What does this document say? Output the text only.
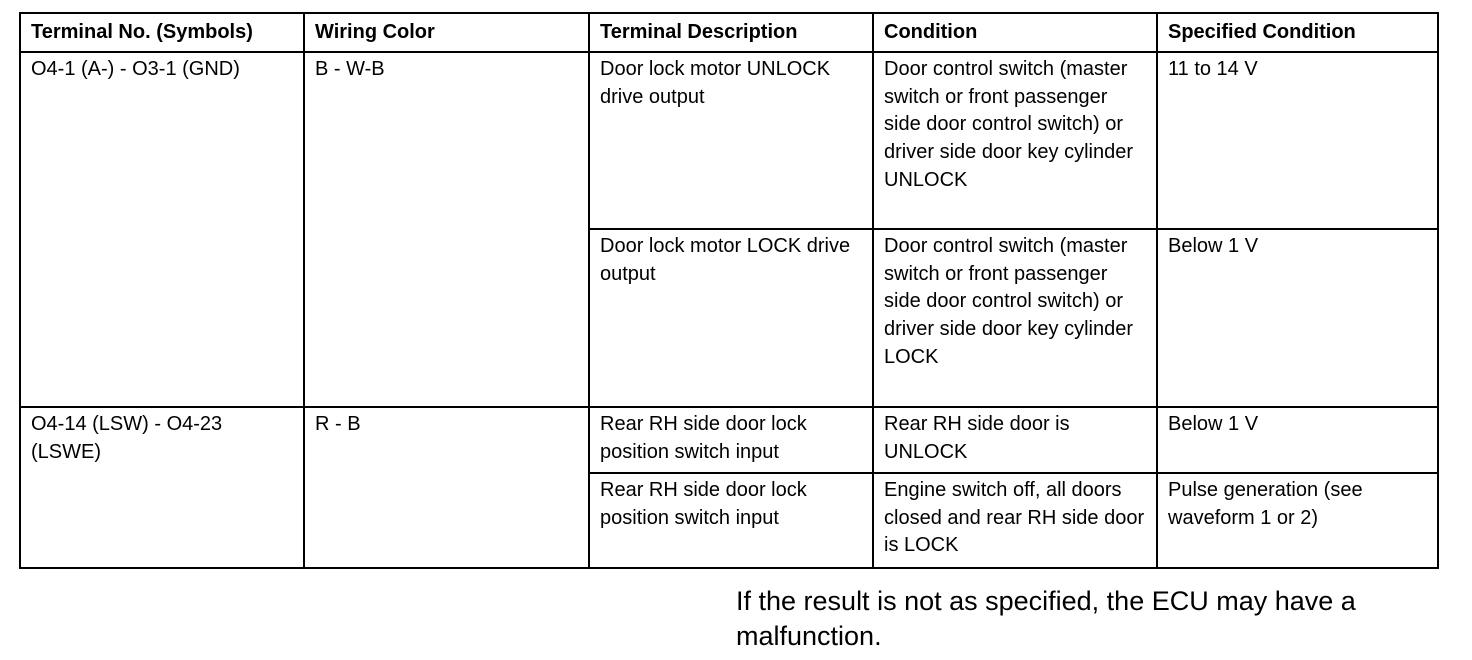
Terminal No. (Symbols)	Wiring Color	Terminal Description	Condition	Specified Condition
O4-1 (A-) - O3-1 (GND)	B - W-B	Door lock motor UNLOCK drive output	Door control switch (master switch or front passenger side door control switch) or driver side door key cylinder UNLOCK	11 to 14 V
		Door lock motor LOCK drive output	Door control switch (master switch or front passenger side door control switch) or driver side door key cylinder LOCK	Below 1 V
O4-14 (LSW) - O4-23 (LSWE)	R - B	Rear RH side door lock position switch input	Rear RH side door is UNLOCK	Below 1 V
		Rear RH side door lock position switch input	Engine switch off, all doors closed and rear RH side door is LOCK	Pulse generation (see waveform 1 or 2)
If the result is not as specified, the ECU may have a malfunction.
